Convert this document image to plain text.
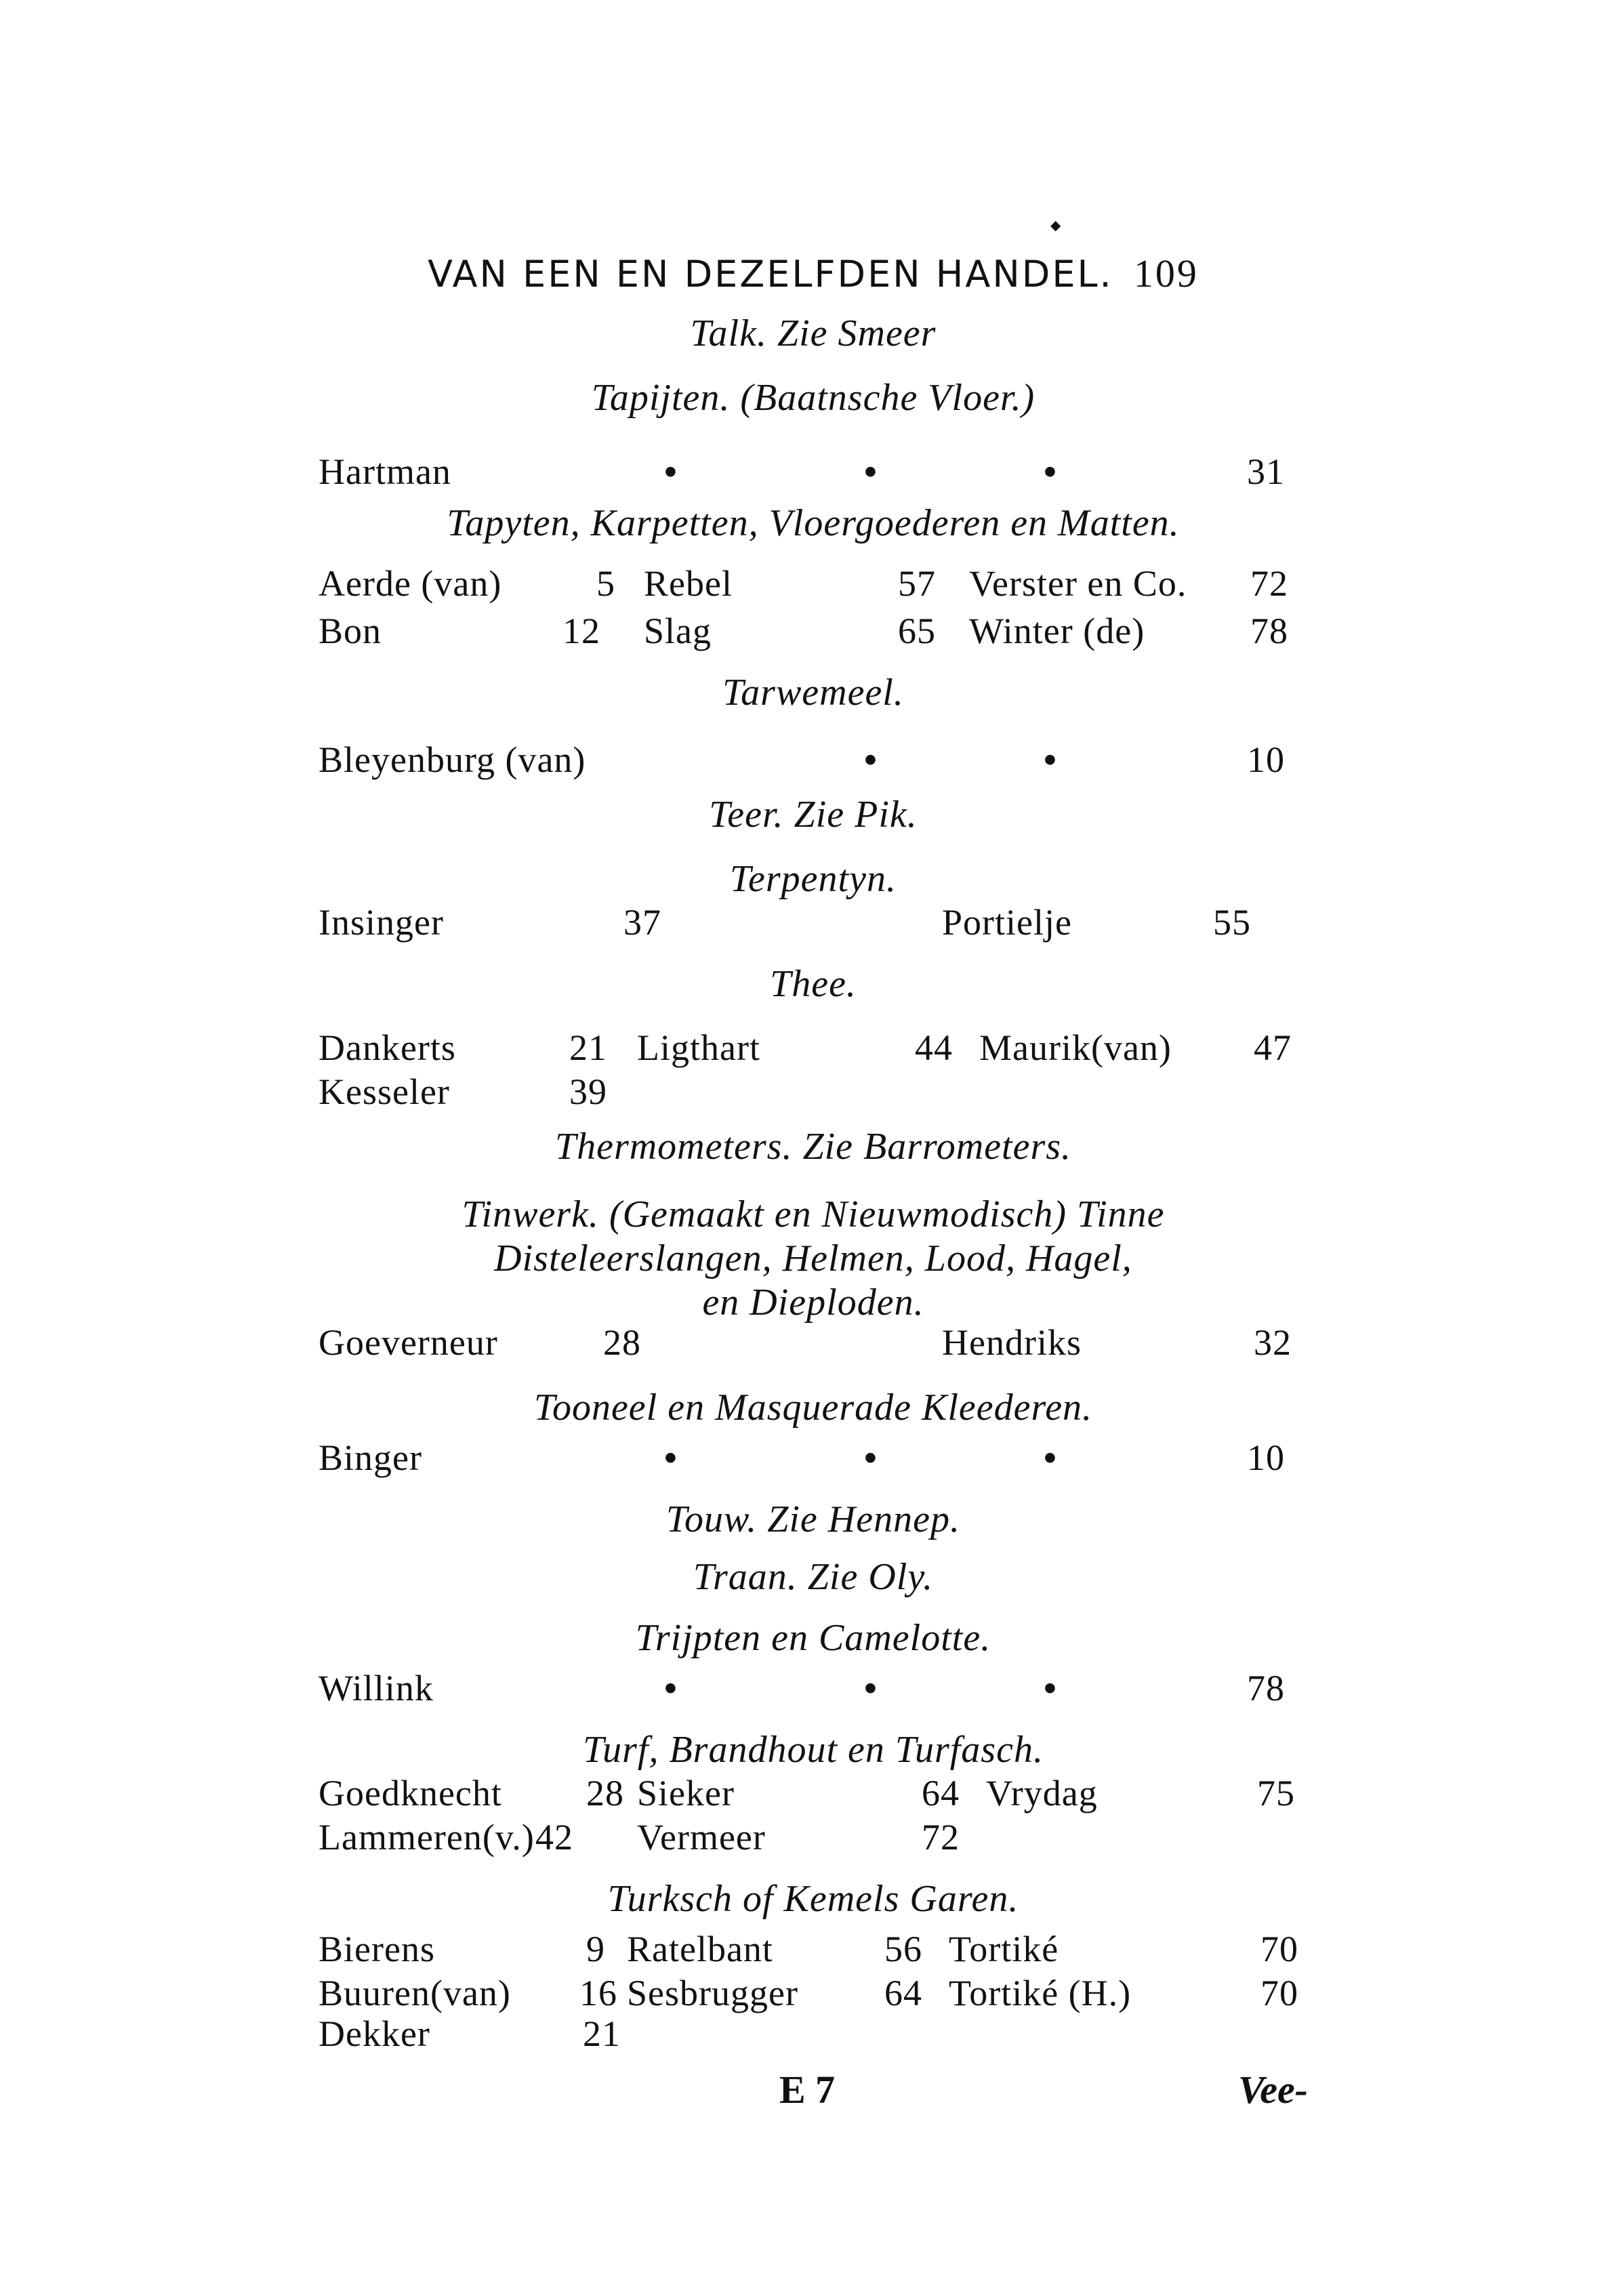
◆
VAN EEN EN DEZELFDEN HANDEL. 109
Talk. Zie Smeer
Tapijten. (Baatnsche Vloer.)
Hartman	•	•	•	31
Tapyten, Karpetten, Vloergoederen en Matten.
Aerde (van)	5 Rebel	57 Verster en Co. 72
Bon	12 Slag	65 Winter (de)	78
Tarwemeel.
Bleyenburg (van)	•	•	10
Teer. Zie Pik.
Terpentyn.
Insinger	37	Portielje	55
Thee.
Dankerts	21 Ligthart	44 Maurik(van) 47
Kesseler	39
Thermometers. Zie Barrometers.
Tinwerk. (Gemaakt en Nieuwmodisch) Tinne
Disteleerslangen, Helmen, Lood, Hagel,
en Dieploden.
Goeverneur	28	Hendriks	32
Tooneel en Masquerade Kleederen.
Binger	•	•	•	10
Touw. Zie Hennep.
Traan. Zie Oly.
Trijpten en Camelotte.
Willink	•	•	•	78
Turf, Brandhout en Turfasch.
Goedknecht 28 Sieker	64 Vrydag	75
Lammeren(v.) 42 Vermeer	72
Turksch of Kemels Garen.
Bierens	9 Ratelbant	56 Tortiké	70
Buuren(van) 16 Sesbrugger 64 Tortiké (H.)	70
Dekker	21
E 7	Vee-
